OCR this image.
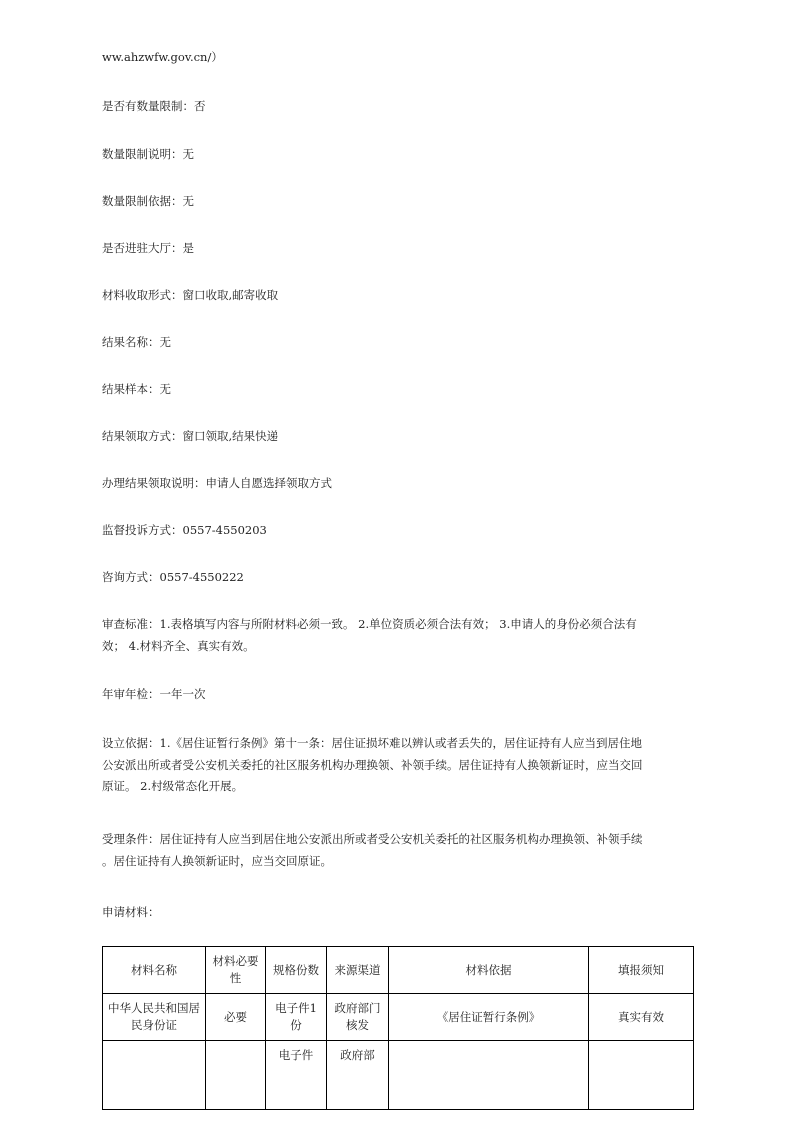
ww.ahzwfw.gov.cn/）

是否有数量限制：否

数量限制说明：无

数量限制依据：无

是否进驻大厅：是

材料收取形式：窗口收取,邮寄收取

结果名称：无

结果样本：无

结果领取方式：窗口领取,结果快递

办理结果领取说明：申请人自愿选择领取方式

监督投诉方式：0557-4550203

咨询方式：0557-4550222

审查标准：1.表格填写内容与所附材料必须一致。 2.单位资质必须合法有效； 3.申请人的身份必须合法有
效； 4.材料齐全、真实有效。

年审年检：一年一次

设立依据：1.《居住证暂行条例》第十一条：居住证损坏难以辨认或者丢失的，居住证持有人应当到居住地
公安派出所或者受公安机关委托的社区服务机构办理换领、补领手续。居住证持有人换领新证时，应当交回
原证。 2.村级常态化开展。
受理条件：居住证持有人应当到居住地公安派出所或者受公安机关委托的社区服务机构办理换领、补领手续
。居住证持有人换领新证时，应当交回原证。

申请材料：

材料名称	材料必要性	规格份数	来源渠道	材料依据	填报须知
中华人民共和国居民身份证	必要	电子件1份	政府部门核发	《居住证暂行条例》	真实有效
		电子件	政府部		
